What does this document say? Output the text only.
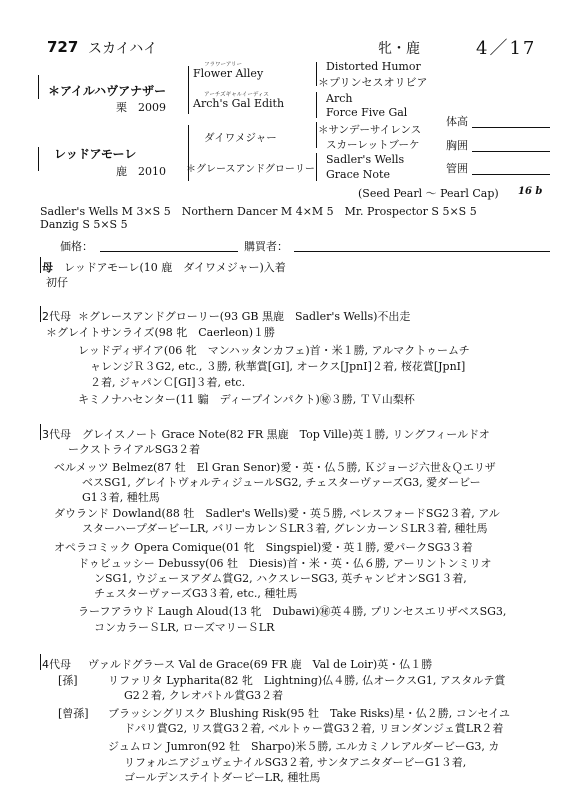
727 スカイハイ	牝・鹿	4／17
＊アイルハヴアナザー
栗　2009
フラワーアリー
Flower Alley
アーチズギャルイーディス
Arch's Gal Edith
Distorted Humor
＊プリンセスオリビア
Arch
Force Five Gal
レッドアモーレ
鹿　2010
ダイワメジャー
＊グレースアンドグローリー
＊サンデーサイレンス
スカーレットブーケ
Sadler's Wells
Grace Note
(Seed Pearl ～ Pearl Cap) 16 b
体高
胸囲
管囲
Sadler's Wells M 3×S 5　Northern Dancer M 4×M 5　Mr. Prospector S 5×S 5
Danzig S 5×S 5
価格：	購買者：
母 レッドアモーレ(10 鹿　ダイワメジャー)入着
初仔
2代母 ＊グレースアンドグローリー(93 GB 黒鹿　Sadler's Wells)不出走
＊グレイトサンライズ(98 牝　Caerleon)１勝
レッドディザイア(06 牝　マンハッタンカフェ)首・米１勝, アルマクトゥームチ
ャレンジＲ３G2, etc., ３勝, 秋華賞[GⅠ], オークス[JpnⅠ]２着, 桜花賞[JpnⅠ]
２着, ジャパンＣ[GⅠ]３着, etc.
キミノナハセンター(11 騸　ディープインパクト)㊙３勝, ＴＶ山梨杯
3代母 グレイスノート Grace Note(82 FR 黒鹿　Top Ville)英１勝, リングフィールドオ
ークストライアルSG3２着
ベルメッツ Belmez(87 牡　El Gran Senor)愛・英・仏５勝, Ｋジョージ六世＆Ｑエリザ
ベスSG1, グレイトヴォルティジュールSG2, チェスターヴァーズG3, 愛ダービー
G1３着, 種牡馬
ダウランド Dowland(88 牡　Sadler's Wells)愛・英５勝, ベレスフォードSG2３着, アル
スターハープダービーLR, バリーカレンＳLR３着, グレンカーンＳLR３着, 種牡馬
オペラコミック Opera Comique(01 牝　Singspiel)愛・英１勝, 愛パークSG3３着
ドゥビュッシー Debussy(06 牡　Diesis)首・米・英・仏６勝, アーリントンミリオ
ンSG1, ウジェーヌアダム賞G2, ハクスレーSG3, 英チャンピオンSG1３着,
チェスターヴァーズG3３着, etc., 種牡馬
ラーフアラウド Laugh Aloud(13 牝　Dubawi)㊙英４勝, プリンセスエリザベスSG3,
コンカラーＳLR, ローズマリーＳLR
4代母 ヴァルドグラース Val de Grace(69 FR 鹿　Val de Loir)英・仏１勝
[孫]	リファリタ Lypharita(82 牝　Lightning)仏４勝, 仏オークスG1, アスタルテ賞
G2２着, クレオパトル賞G3２着
[曾孫] ブラッシングリスク Blushing Risk(95 牡　Take Risks)星・仏２勝, コンセイユ
ドパリ賞G2, リス賞G3２着, ベルトゥー賞G3２着, リヨンダンジェ賞LR２着
ジュムロン Jumron(92 牡　Sharpo)米５勝, エルカミノレアルダービーG3, カ
リフォルニアジュヴェナイルSG3２着, サンタアニタダービーG1３着,
ゴールデンステイトダービーLR, 種牡馬
